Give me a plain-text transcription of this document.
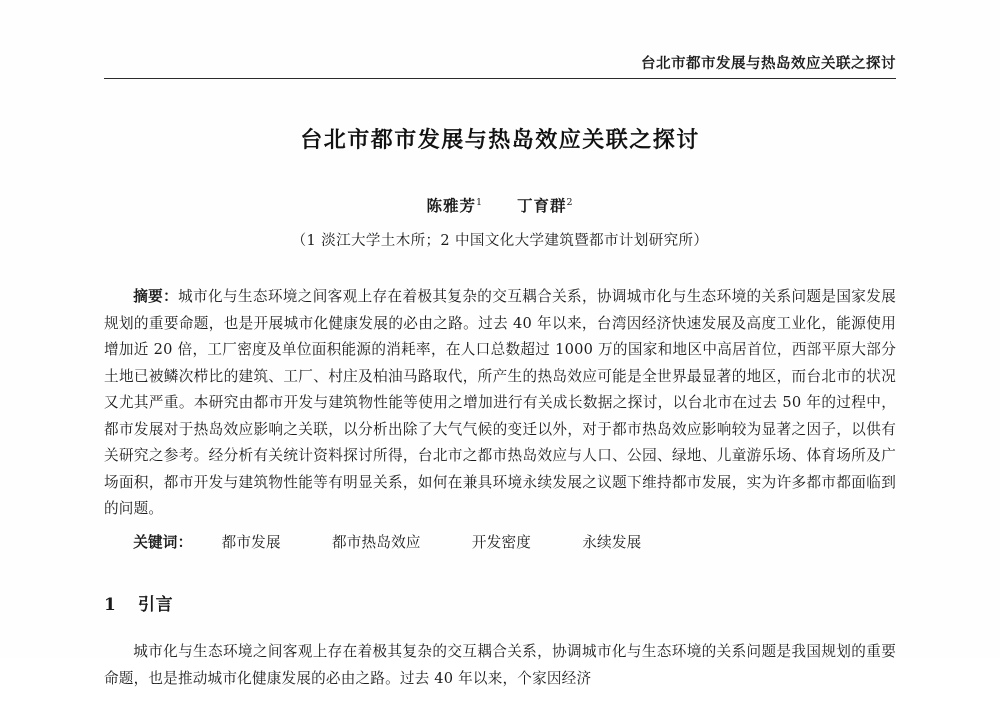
台北市都市发展与热岛效应关联之探讨
台北市都市发展与热岛效应关联之探讨
陈雅芳$^1$ 丁育群$^2$
（1 淡江大学土木所；2 中国文化大学建筑暨都市计划研究所）
摘要：城市化与生态环境之间客观上存在着极其复杂的交互耦合关系，协调城市化与生态环境的关系问题是国家发展规划的重要命题，也是开展城市化健康发展的必由之路。过去 40 年以来，台湾因经济快速发展及高度工业化，能源使用增加近 20 倍，工厂密度及单位面积能源的消耗率，在人口总数超过 1000 万的国家和地区中高居首位，西部平原大部分土地已被鳞次栉比的建筑、工厂、村庄及柏油马路取代，所产生的热岛效应可能是全世界最显著的地区，而台北市的状况又尤其严重。本研究由都市开发与建筑物性能等使用之增加进行有关成长数据之探讨，以台北市在过去 50 年的过程中，都市发展对于热岛效应影响之关联，以分析出除了大气气候的变迁以外，对于都市热岛效应影响较为显著之因子，以供有关研究之参考。经分析有关统计资料探讨所得，台北市之都市热岛效应与人口、公园、绿地、儿童游乐场、体育场所及广场面积，都市开发与建筑物性能等有明显关系，如何在兼具环境永续发展之议题下维持都市发展，实为许多都市都面临到的问题。
关键词： 都市发展	都市热岛效应	开发密度	永续发展
1 引言

城市化与生态环境之间客观上存在着极其复杂的交互耦合关系，协调城市化与生态环境的关系问题是我国规划的重要命题，也是推动城市化健康发展的必由之路。过去 40 年以来，个家因经济
